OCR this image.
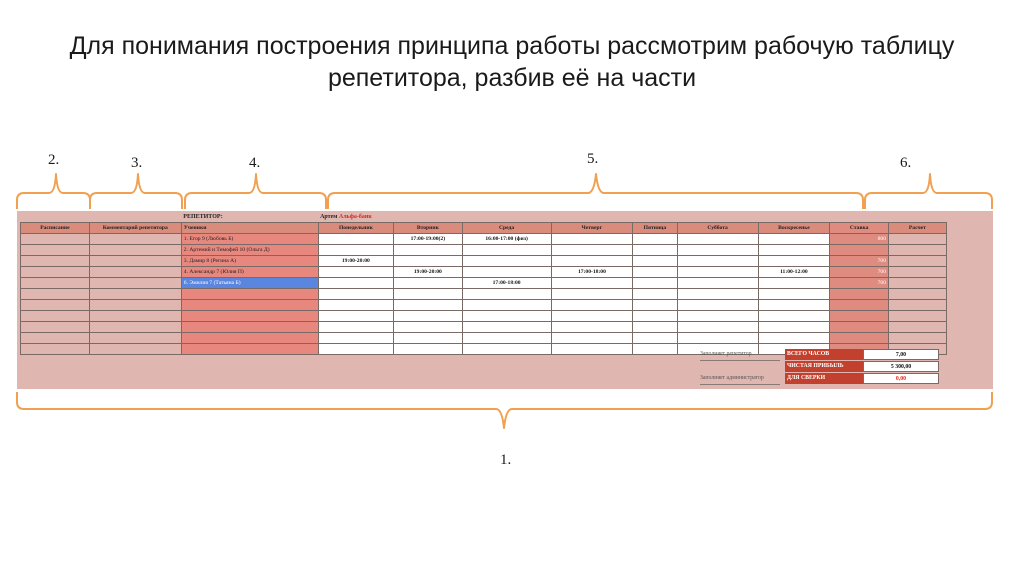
Для понимания построения принципа работы рассмотрим рабочую таблицу
репетитора, разбив её на части
2.	3.	4.	5.	6.
1.
		РЕПЕТИТОР:	Артем Альфа-банк								
Расписание	Комментарий репетитора	Ученики	Понедельник	Вторник	Среда	Четверг	Пятница	Суббота	Воскресенье	Ставка	Расчет
		1. Егор 9 (Любовь Б)		17:00-19:00(2)	16:00-17:00 (физ)					800	
		2. Артемий и Тимофей 10 (Ольга Д)									
		3. Дамир 8 (Регина А)	19:00-20:00							700	
		4. Александр 7 (Юлия П)		19:00-20:00		17:00-18:00			11:00-12:00	700	
		6. Эмилия 7 (Татьяна Б)			17:00-18:00					700	

Заполняет репетитор	ВСЕГО ЧАСОВ	7,00
ЧИСТАЯ ПРИБЫЛЬ	5 300,00
Заполняет администратор	ДЛЯ СВЕРКИ	0,00
